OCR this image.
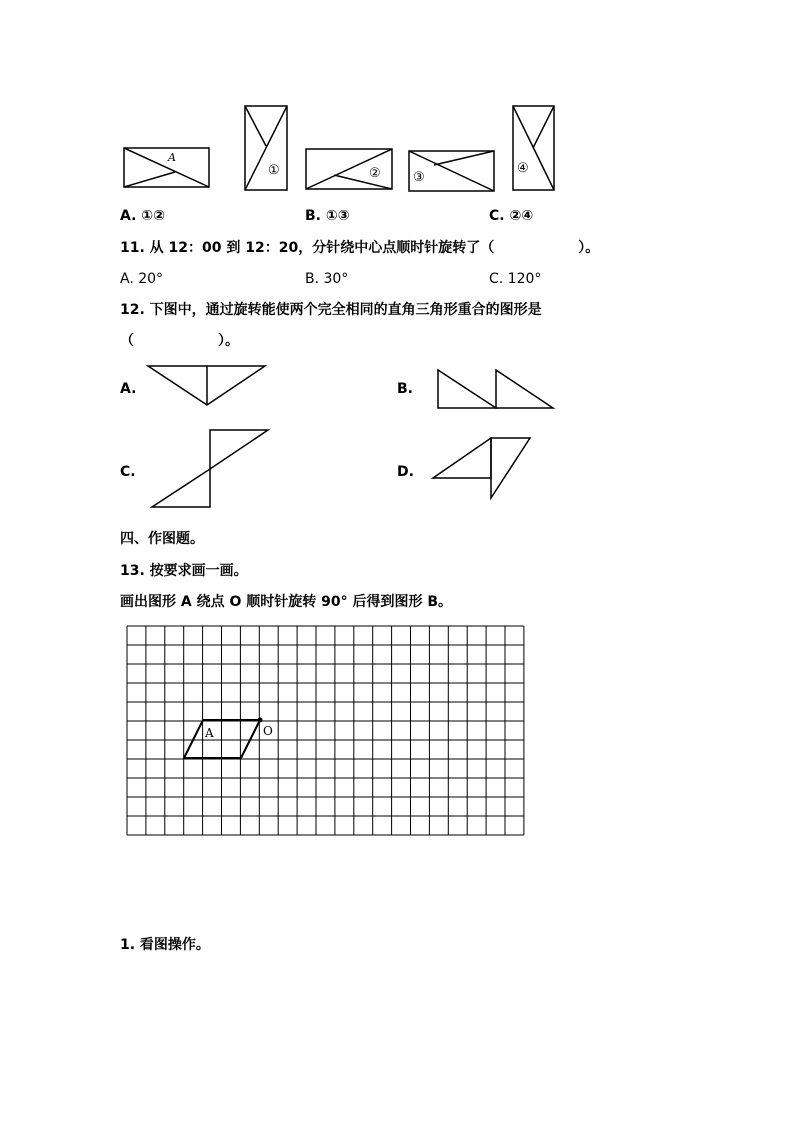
A
①	② ③
④
A. ①②	B. ①③	C. ②④
11. 从 12：00 到 12：20，分针绕中心点顺时针旋转了（　　　　　　）。
A. 20°	B. 30°	C. 120°
12. 下图中，通过旋转能使两个完全相同的直角三角形重合的图形是
（　　　　　　）。
A.	B.
C.	D.
四、作图题。
13. 按要求画一画。
画出图形 A 绕点 O 顺时针旋转 90° 后得到图形 B。
A	O
1. 看图操作。
